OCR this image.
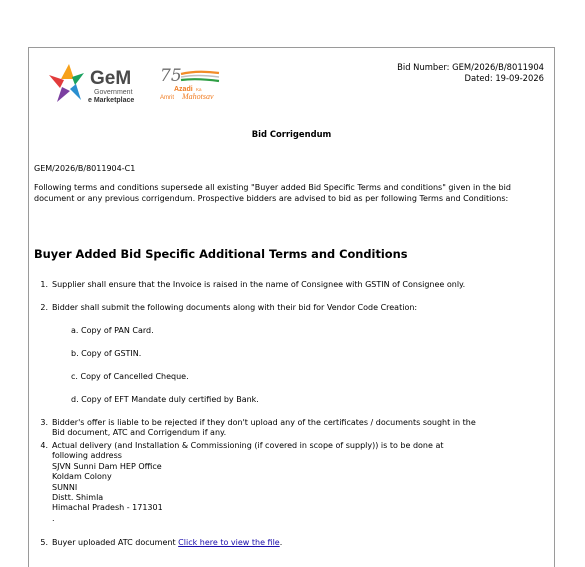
GeM
Government
e Marketplace
75
Azadi Ka
Amrit Mahotsav
Bid Number: GEM/2026/B/8011904
Dated: 19-09-2026
Bid Corrigendum
GEM/2026/B/8011904-C1
Following terms and conditions supersede all existing "Buyer added Bid Specific Terms and conditions" given in the bid document or any previous corrigendum. Prospective bidders are advised to bid as per following Terms and Conditions:
Buyer Added Bid Specific Additional Terms and Conditions
1. Supplier shall ensure that the Invoice is raised in the name of Consignee with GSTIN of Consignee only.
2. Bidder shall submit the following documents along with their bid for Vendor Code Creation:
a. Copy of PAN Card.
b. Copy of GSTIN.
c. Copy of Cancelled Cheque.
d. Copy of EFT Mandate duly certified by Bank.
3. Bidder's offer is liable to be rejected if they don't upload any of the certificates / documents sought in the
Bid document, ATC and Corrigendum if any.
4. Actual delivery (and Installation & Commissioning (if covered in scope of supply)) is to be done at
following address
SJVN Sunni Dam HEP Office
Koldam Colony
SUNNI
Distt. Shimla
Himachal Pradesh - 171301
.
5. Buyer uploaded ATC document Click here to view the file.
